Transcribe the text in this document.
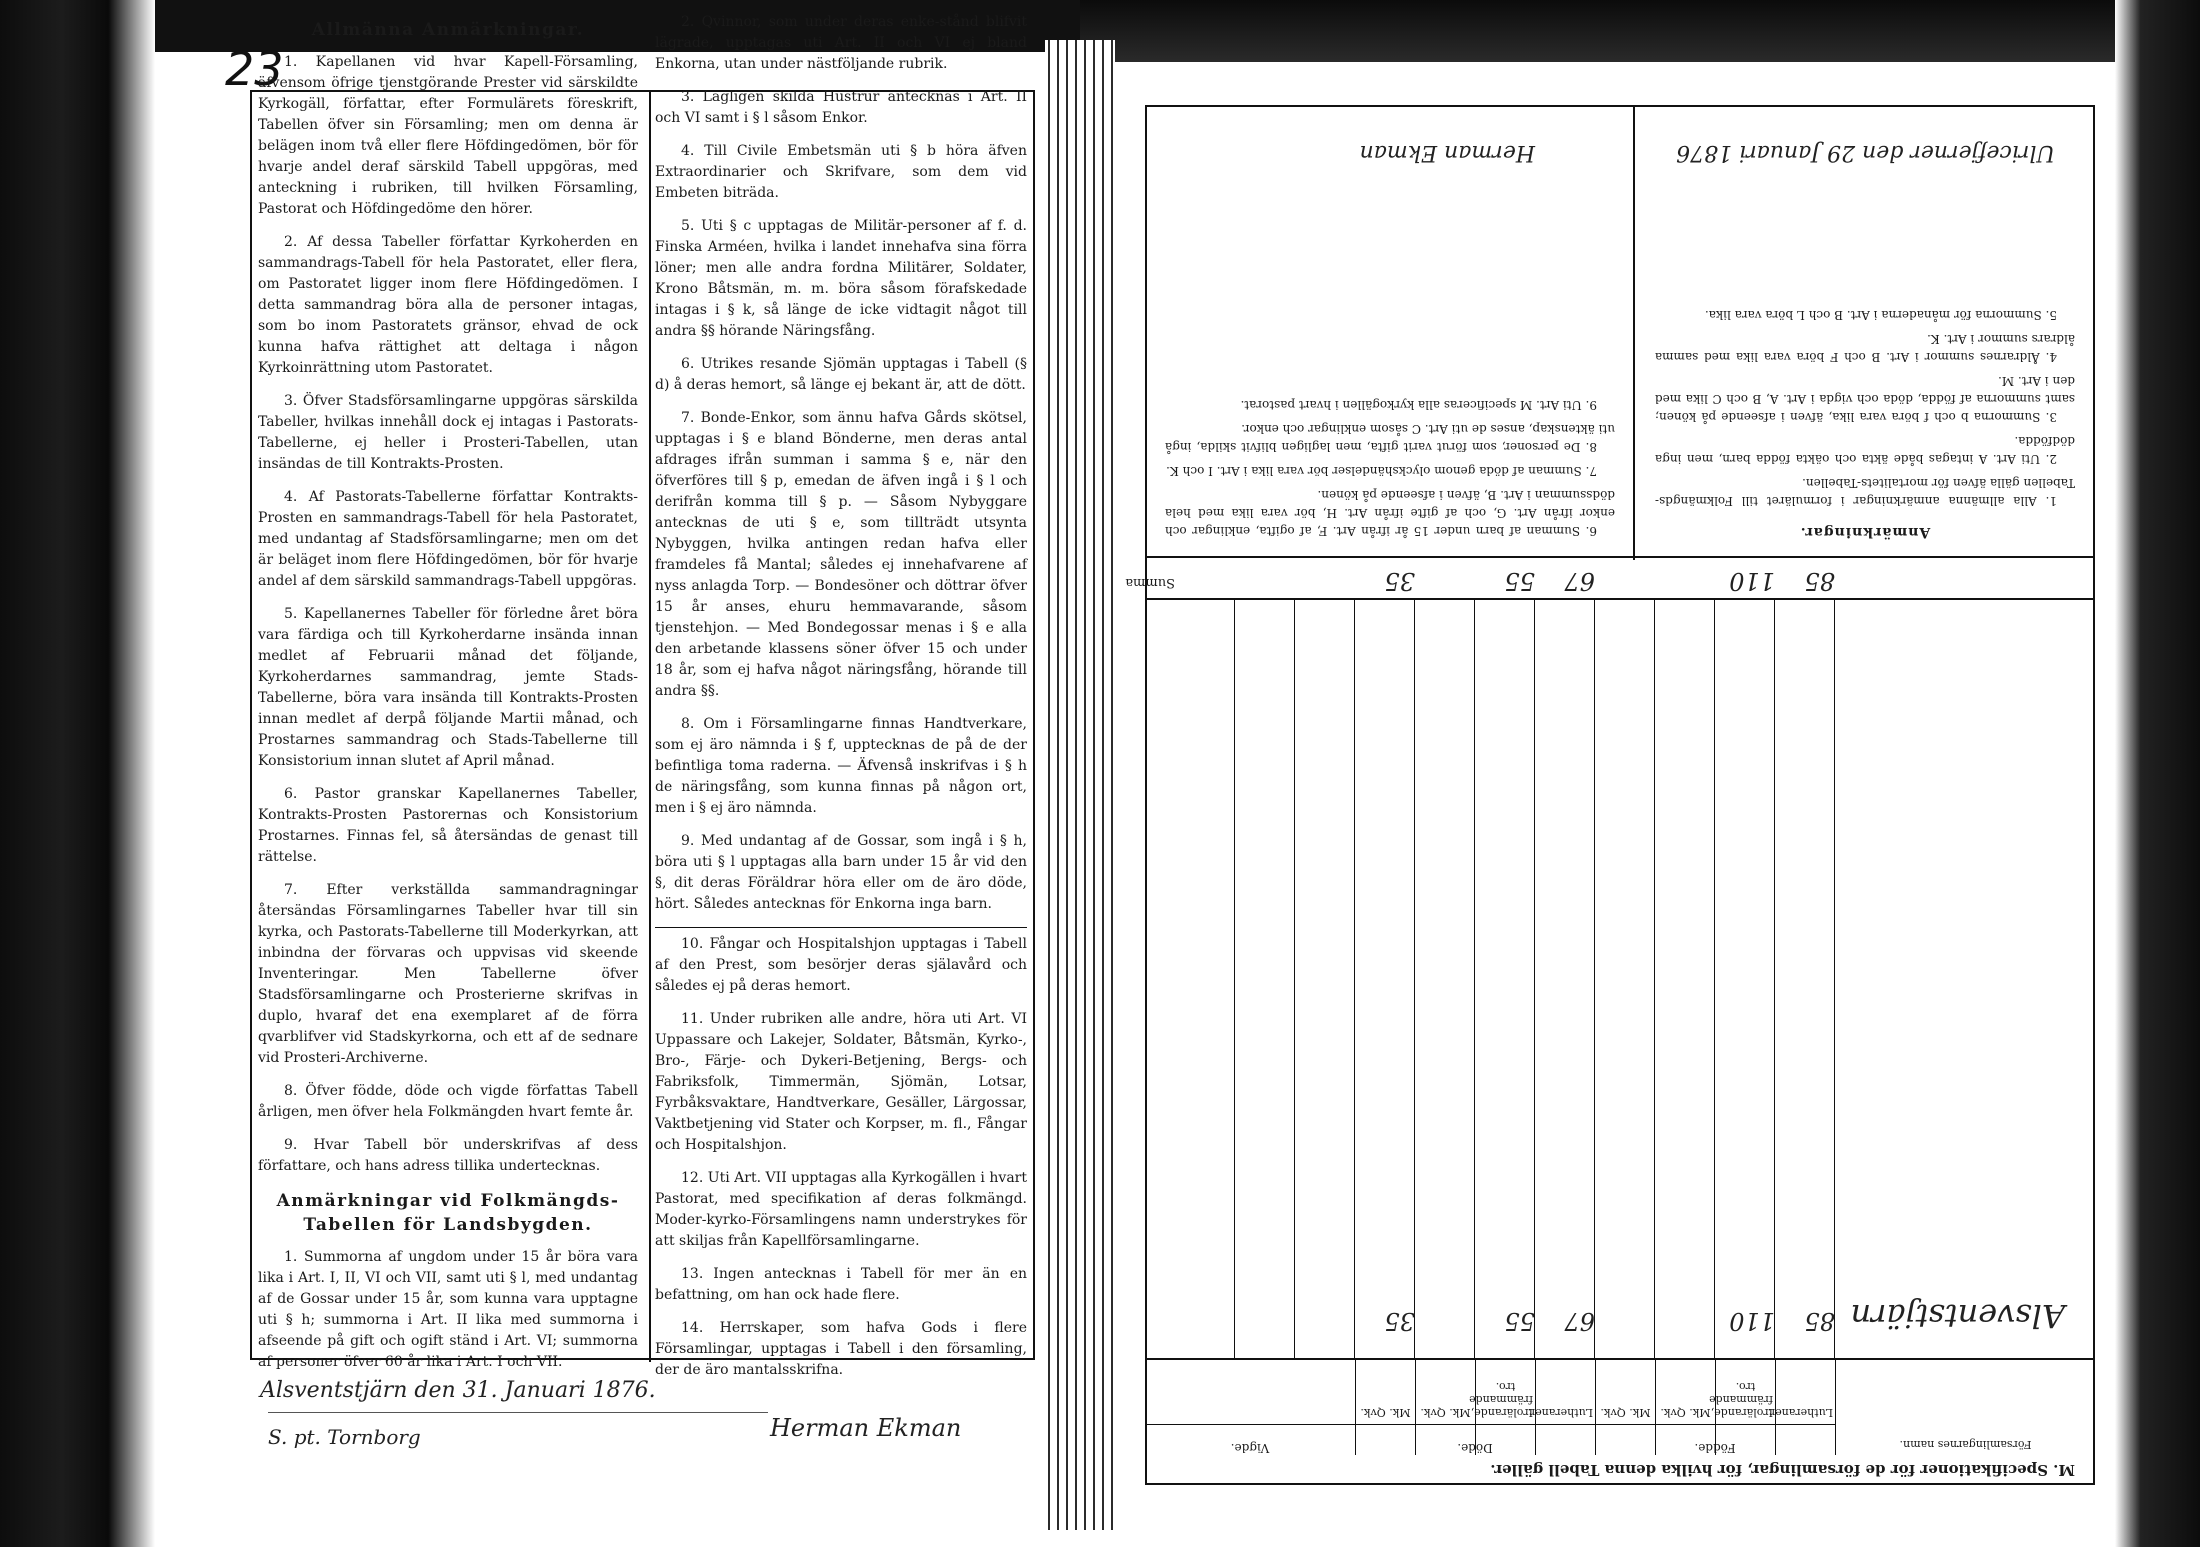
23
Allmänna Anmärkningar.

1. Kapellanen vid hvar Kapell-Församling, äfvensom öfrige tjenstgörande Prester vid särskildte Kyrkogäll, författar, efter Formulärets föreskrift, Tabellen öfver sin Församling; men om denna är belägen inom två eller flere Höfdingedömen, bör för hvarje andel deraf särskild Tabell uppgöras, med anteckning i rubriken, till hvilken Församling, Pastorat och Höfdingedöme den hörer.

2. Af dessa Tabeller författar Kyrkoherden en sammandrags-Tabell för hela Pastoratet, eller flera, om Pastoratet ligger inom flere Höfdingedömen. I detta sammandrag böra alla de personer intagas, som bo inom Pastoratets gränsor, ehvad de ock kunna hafva rättighet att deltaga i någon Kyrkoinrättning utom Pastoratet.

3. Öfver Stadsförsamlingarne uppgöras särskilda Tabeller, hvilkas innehåll dock ej intagas i Pastorats-Tabellerne, ej heller i Prosteri-Tabellen, utan insändas de till Kontrakts-Prosten.

4. Af Pastorats-Tabellerne författar Kontrakts-Prosten en sammandrags-Tabell för hela Pastoratet, med undantag af Stadsförsamlingarne; men om det är beläget inom flere Höfdingedömen, bör för hvarje andel af dem särskild sammandrags-Tabell uppgöras.

5. Kapellanernes Tabeller för förledne året böra vara färdiga och till Kyrkoherdarne insända innan medlet af Februarii månad det följande, Kyrkoherdarnes sammandrag, jemte Stads-Tabellerne, böra vara insända till Kontrakts-Prosten innan medlet af derpå följande Martii månad, och Prostarnes sammandrag och Stads-Tabellerne till Konsistorium innan slutet af April månad.

6. Pastor granskar Kapellanernes Tabeller, Kontrakts-Prosten Pastorernas och Konsistorium Prostarnes. Finnas fel, så återsändas de genast till rättelse.

7. Efter verkställda sammandragningar återsändas Församlingarnes Tabeller hvar till sin kyrka, och Pastorats-Tabellerne till Moderkyrkan, att inbindna der förvaras och uppvisas vid skeende Inventeringar. Men Tabellerne öfver Stadsförsamlingarne och Prosterierne skrifvas in duplo, hvaraf det ena exemplaret af de förra qvarblifver vid Stadskyrkorna, och ett af de sednare vid Prosteri-Archiverne.

8. Öfver födde, döde och vigde författas Tabell årligen, men öfver hela Folkmängden hvart femte år.

9. Hvar Tabell bör underskrifvas af dess författare, och hans adress tillika undertecknas.

Anmärkningar vid Folkmängds-Tabellen för Landsbygden.

1. Summorna af ungdom under 15 år böra vara lika i Art. I, II, VI och VII, samt uti § l, med undantag af de Gossar under 15 år, som kunna vara upptagne uti § h; summorna i Art. II lika med summorna i afseende på gift och ogift ständ i Art. VI; summorna af personer öfver 60 år lika i Art. I och VII.

2. Qvinnor, som under deras enke-stånd blifvit lägrade, upptagas uti Art. II och VI ej bland Enkorna, utan under nästföljande rubrik.

3. Lagligen skilda Hustrur antecknas i Art. II och VI samt i § l såsom Enkor.

4. Till Civile Embetsmän uti § b höra äfven Extraordinarier och Skrifvare, som dem vid Embeten biträda.

5. Uti § c upptagas de Militär-personer af f. d. Finska Arméen, hvilka i landet innehafva sina förra löner; men alle andra fordna Militärer, Soldater, Krono Båtsmän, m. m. böra såsom förafskedade intagas i § k, så länge de icke vidtagit något till andra §§ hörande Näringsfång.

6. Utrikes resande Sjömän upptagas i Tabell (§ d) å deras hemort, så länge ej bekant är, att de dött.

7. Bonde-Enkor, som ännu hafva Gårds skötsel, upptagas i § e bland Bönderne, men deras antal afdrages ifrån summan i samma § e, när den öfverföres till § p, emedan de äfven ingå i § l och derifrån komma till § p. — Såsom Nybyggare antecknas de uti § e, som tillträdt utsynta Nybyggen, hvilka antingen redan hafva eller framdeles få Mantal; således ej innehafvarene af nyss anlagda Torp. — Bondesöner och döttrar öfver 15 år anses, ehuru hemmavarande, såsom tjenstehjon. — Med Bondegossar menas i § e alla den arbetande klassens söner öfver 15 och under 18 år, som ej hafva något näringsfång, hörande till andra §§.

8. Om i Församlingarne finnas Handtverkare, som ej äro nämnda i § f, upptecknas de på de der befintliga toma raderna. — Äfvenså inskrifvas i § h de näringsfång, som kunna finnas på någon ort, men i § ej äro nämnda.

9. Med undantag af de Gossar, som ingå i § h, böra uti § l upptagas alla barn under 15 år vid den §, dit deras Föräldrar höra eller om de äro döde, hört. Således antecknas för Enkorna inga barn.

10. Fångar och Hospitalshjon upptagas i Tabell af den Prest, som besörjer deras själavård och således ej på deras hemort.

11. Under rubriken alle andre, höra uti Art. VI Uppassare och Lakejer, Soldater, Båtsmän, Kyrko-, Bro-, Färje- och Dykeri-Betjening, Bergs- och Fabriksfolk, Timmermän, Sjömän, Lotsar, Fyrbåksvaktare, Handtverkare, Gesäller, Lärgossar, Vaktbetjening vid Stater och Korpser, m. fl., Fångar och Hospitalshjon.

12. Uti Art. VII upptagas alla Kyrkogällen i hvart Pastorat, med specifikation af deras folkmängd. Moder-kyrko-Församlingens namn understrykes för att skiljas från Kapellförsamlingarne.

13. Ingen antecknas i Tabell för mer än en befattning, om han ock hade flere.

14. Herrskaper, som hafva Gods i flere Församlingar, upptagas i Tabell i den församling, der de äro mantalsskrifna.

Alsventstjärn den 31. Januari 1876.
S. pt. Tornborg	Herman Ekman
M. Specifikationer för de församlingar, för hvilka denna Tabell gäller.
Församlingarnes namn.
Födde.
Döde.
Vigde.
Lutheraner.
Irolärande, främmande tro.
Mk. Qvk.
Mk. Qvk.
Lutheraner.
Irolärande, främmande tro.
Mk. Qvk.
Mk. Qvk.
Alsventstjärn
85
110
67
55
35
Summa	85
110
67
55
35
Anmärkningar.

1. Alla allmänna anmärkningar i formuläret till Folkmängds-Tabellen gälla äfven för mortalitets-Tabellen.

2. Uti Art. A intagas både äkta och oäkta födda barn, men inga dödfödda.

3. Summorna b och f böra vara lika, äfven i afseende på könen; samt summorna af födda, döda och vigda i Art. A, B och C lika med den i Art. M.

4. Åldrarnes summor i Art. B och F böra vara lika med samma åldrars summor i Art. K.

5. Summorna för månaderna i Art. B och L böra vara lika.

6. Summan af barn under 15 år ifrån Art. F, af ogifta, enklingar och enkor ifrån Art. G, och af gifte ifrån Art. H, bör vara lika med hela dödssumman i Art. B, äfven i afseende på könen.

7. Summan af döda genom olyckshändelser bör vara lika i Art. I och K.

8. De personer, som förut varit gifta, men lagligen blifvit skilda, ingå uti äktenskap, anses de uti Art. C såsom enklingar och enkor.

9. Uti Art. M specificeras alla kyrkogällen i hvart pastorat.

Ulricefjerner den 29 Januari 1876
Herman Ekman
